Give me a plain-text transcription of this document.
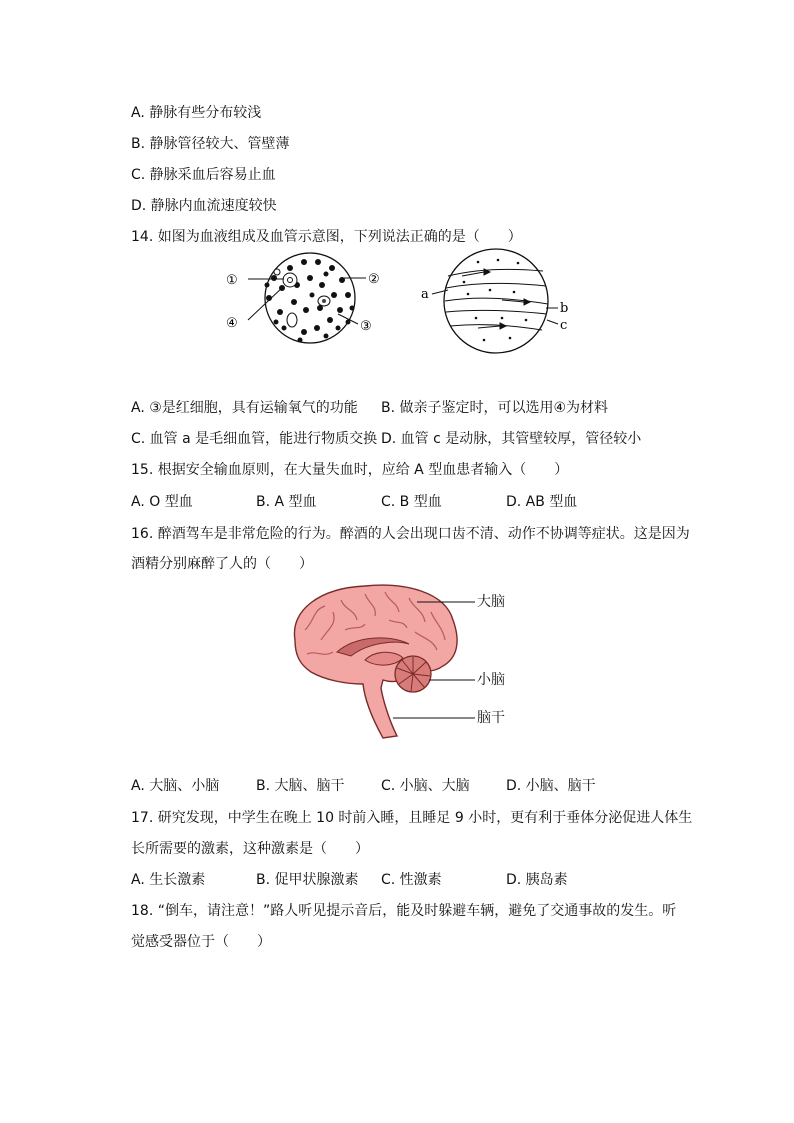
A. 静脉有些分布较浅
B. 静脉管径较大、管壁薄
C. 静脉采血后容易止血
D. 静脉内血流速度较快
14. 如图为血液组成及血管示意图，下列说法正确的是（　　）
①	②
③
④
a
b
c
A. ③是红细胞，具有运输氧气的功能 B. 做亲子鉴定时，可以选用④为材料
C. 血管 a 是毛细血管，能进行物质交换 D. 血管 c 是动脉，其管壁较厚，管径较小
15. 根据安全输血原则，在大量失血时，应给 A 型血患者输入（　　）
A. O 型血	B. A 型血	C. B 型血	D. AB 型血
16. 醉酒驾车是非常危险的行为。醉酒的人会出现口齿不清、动作不协调等症状。这是因为
酒精分别麻醉了人的（　　）
大脑
小脑
脑干
A. 大脑、小脑	B. 大脑、脑干	C. 小脑、大脑	D. 小脑、脑干
17. 研究发现，中学生在晚上 10 时前入睡，且睡足 9 小时，更有利于垂体分泌促进人体生
长所需要的激素，这种激素是（　　）
A. 生长激素	B. 促甲状腺激素 C. 性激素	D. 胰岛素
18. “倒车，请注意！”路人听见提示音后，能及时躲避车辆，避免了交通事故的发生。听
觉感受器位于（　　）
